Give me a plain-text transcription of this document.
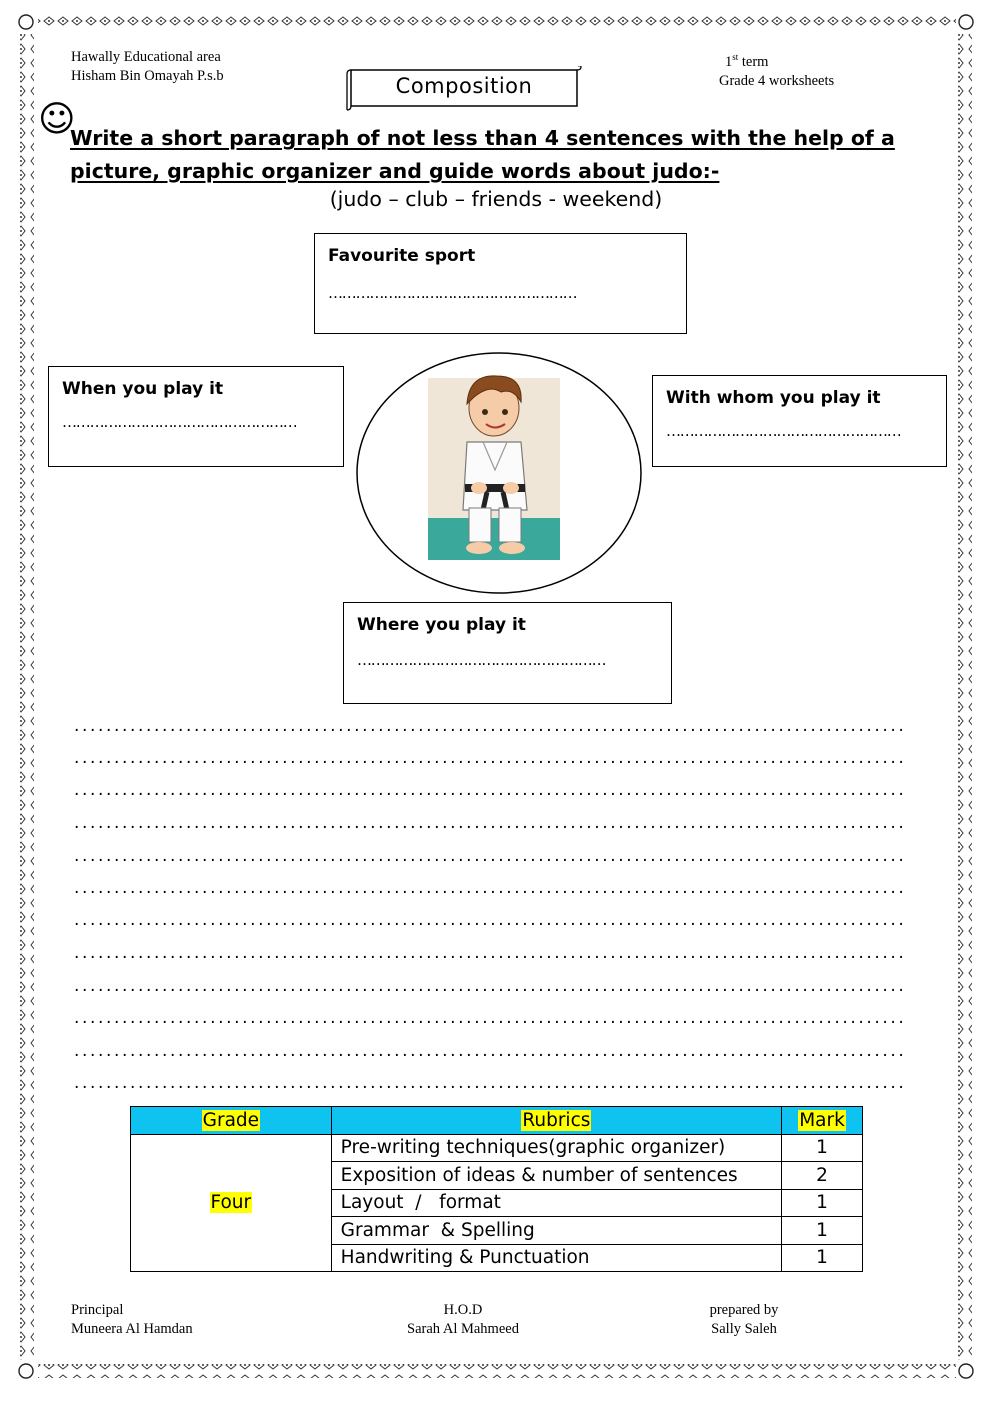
Hawally Educational area
Hisham Bin Omayah P.s.b
1st term
Grade 4 worksheets
Composition
☺
Write a short paragraph of not less than 4 sentences with the help of a
picture, graphic organizer and guide words about judo:-
(judo – club – friends - weekend)
Favourite sport
………………………………………………
When you play it
……………………………………………
With whom you play it
……………………………………………
Where you play it
………………………………………………
........................................................................................................
........................................................................................................
........................................................................................................
........................................................................................................
........................................................................................................
........................................................................................................
........................................................................................................
........................................................................................................
........................................................................................................
........................................................................................................
........................................................................................................
........................................................................................................
Grade	Rubrics	Mark
Four	Pre-writing techniques(graphic organizer)	1
	Exposition of ideas & number of sentences	2
	Layout  /   format	1
	Grammar  & Spelling	1
	Handwriting & Punctuation	1
Principal
Muneera Al Hamdan
H.O.D
Sarah Al Mahmeed
prepared by
Sally Saleh
